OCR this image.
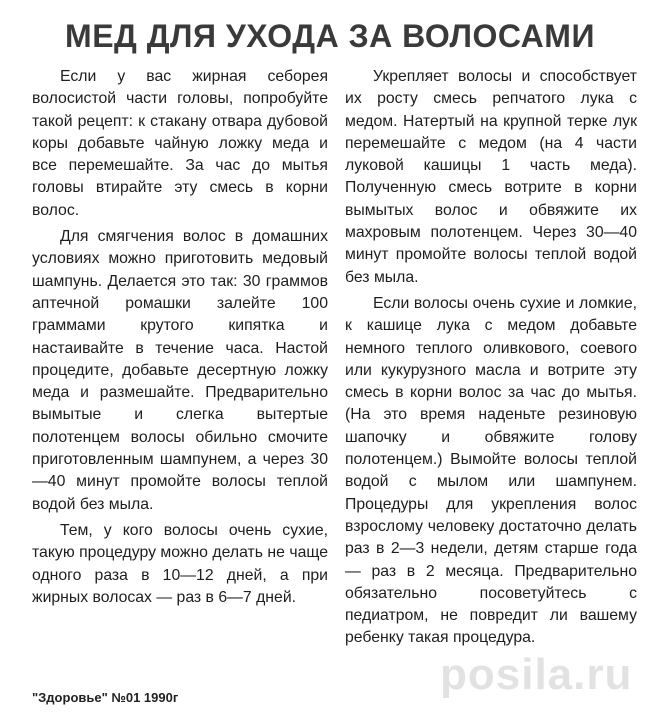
МЕД ДЛЯ УХОДА ЗА ВОЛОСАМИ

Если у вас жирная себорея волосистой части головы, попробуйте такой рецепт: к стакану отвара дубовой коры добавьте чайную ложку меда и все перемешайте. За час до мытья головы втирайте эту смесь в корни волос.

Для смягчения волос в домашних условиях можно приготовить медовый шампунь. Делается это так: 30 граммов аптечной ромашки залейте 100 граммами крутого кипятка и настаивайте в течение часа. Настой процедите, добавьте десертную ложку меда и размешайте. Предварительно вымытые и слегка вытертые полотенцем волосы обильно смочите приготовленным шампунем, а через 30—40 минут промойте волосы теплой водой без мыла.

Тем, у кого волосы очень сухие, такую процедуру можно делать не чаще одного раза в 10—12 дней, а при жирных волосах — раз в 6—7 дней.

Укрепляет волосы и способствует их росту смесь репчатого лука с медом. Натертый на крупной терке лук перемешайте с медом (на 4 части луковой кашицы 1 часть меда). Полученную смесь вотрите в корни вымытых волос и обвяжите их махровым полотенцем. Через 30—40 минут промойте волосы теплой водой без мыла.

Если волосы очень сухие и ломкие, к кашице лука с медом добавьте немного теплого оливкового, соевого или кукурузного масла и вотрите эту смесь в корни волос за час до мытья. (На это время наденьте резиновую шапочку и обвяжите голову полотенцем.) Вымойте волосы теплой водой с мылом или шампунем. Процедуры для укрепления волос взрослому человеку достаточно делать раз в 2—3 недели, детям старше года — раз в 2 месяца. Предварительно обязательно посоветуйтесь с педиатром, не повредит ли вашему ребенку такая процедура.

"Здоровье" №01 1990г	posila.ru
